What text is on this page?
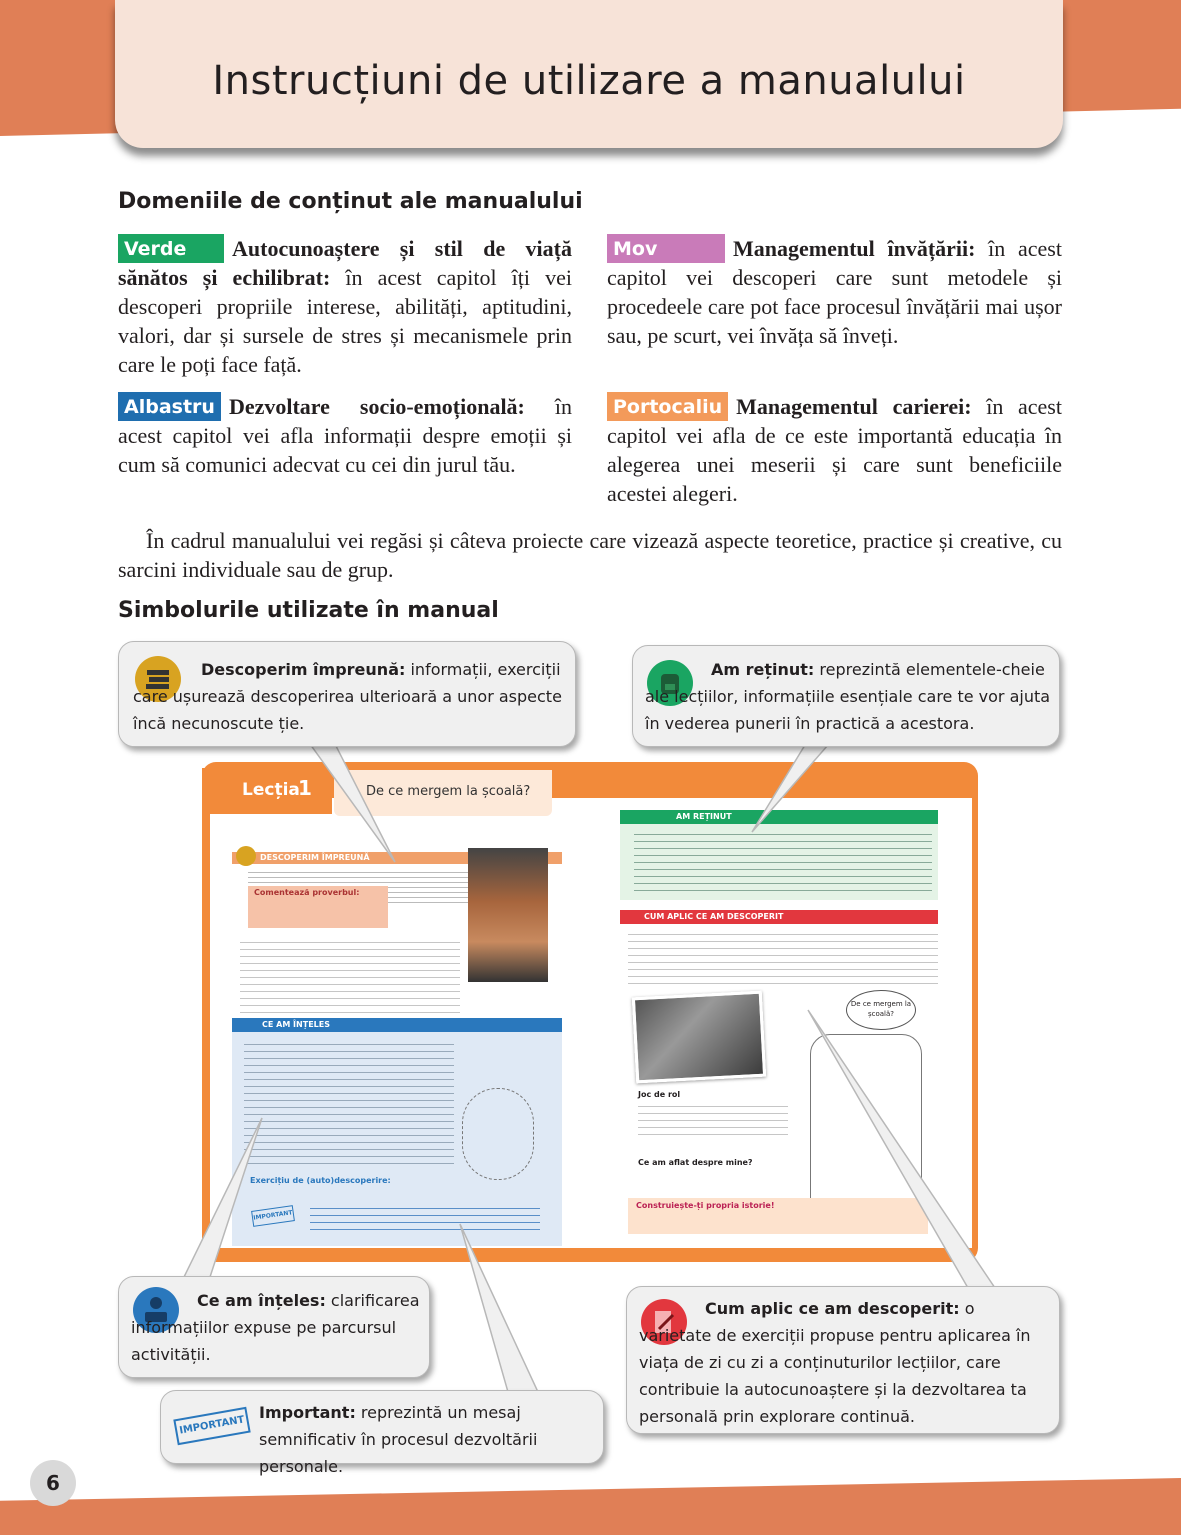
Instrucțiuni de utilizare a manualului
Domeniile de conținut ale manualului
Verde Autocunoaștere și stil de viață sănătos și echilibrat: în acest capitol îți vei descoperi propriile interese, abilități, aptitudini, valori, dar și sursele de stres și mecanismele prin care le poți face față.
Albastru Dezvoltare socio-emoțională: în acest capitol vei afla informații despre emoții și cum să comunici adecvat cu cei din jurul tău.
Mov	Managementul învățării: în acest capitol vei descoperi care sunt metodele și procedeele care pot face procesul învățării mai ușor sau, pe scurt, vei învăța să înveți.
Portocaliu Managementul carierei: în acest capitol vei afla de ce este importantă educația în alegerea unei meserii și care sunt beneficiile acestei alegeri.
În cadrul manualului vei regăsi și câteva proiecte care vizează aspecte teoretice, practice și creative, cu sarcini individuale sau de grup.
Simbolurile utilizate în manual
DESCOPERIM ÎMPREUNĂ
Comentează proverbul:
CE AM ÎNȚELES
Exercițiu de (auto)descoperire:
IMPORTANT
Lecția
1	De ce mergem la școală?
AM REȚINUT
CUM APLIC CE AM DESCOPERIT
De ce mergem la școală?
Joc de rol
Ce am aflat despre mine?
Construiește-ți propria istorie!
Descoperim împreună: informații, exerciții care ușurează descoperirea ulterioară a unor aspecte încă necunoscute ție.
Am reținut: reprezintă elementele-cheie ale lecțiilor, informațiile esențiale care te vor ajuta în vederea punerii în practică a acestora.
Ce am înțeles: clarificarea informațiilor expuse pe parcursul activității.
IMPORTANT
Important: reprezintă un mesaj semnificativ în procesul dezvoltării personale.
Cum aplic ce am descoperit: o varietate de exerciții propuse pentru aplicarea în viața de zi cu zi a conținuturilor lecțiilor, care contribuie la autocunoaștere și la dezvoltarea ta personală prin explorare continuă.
6
